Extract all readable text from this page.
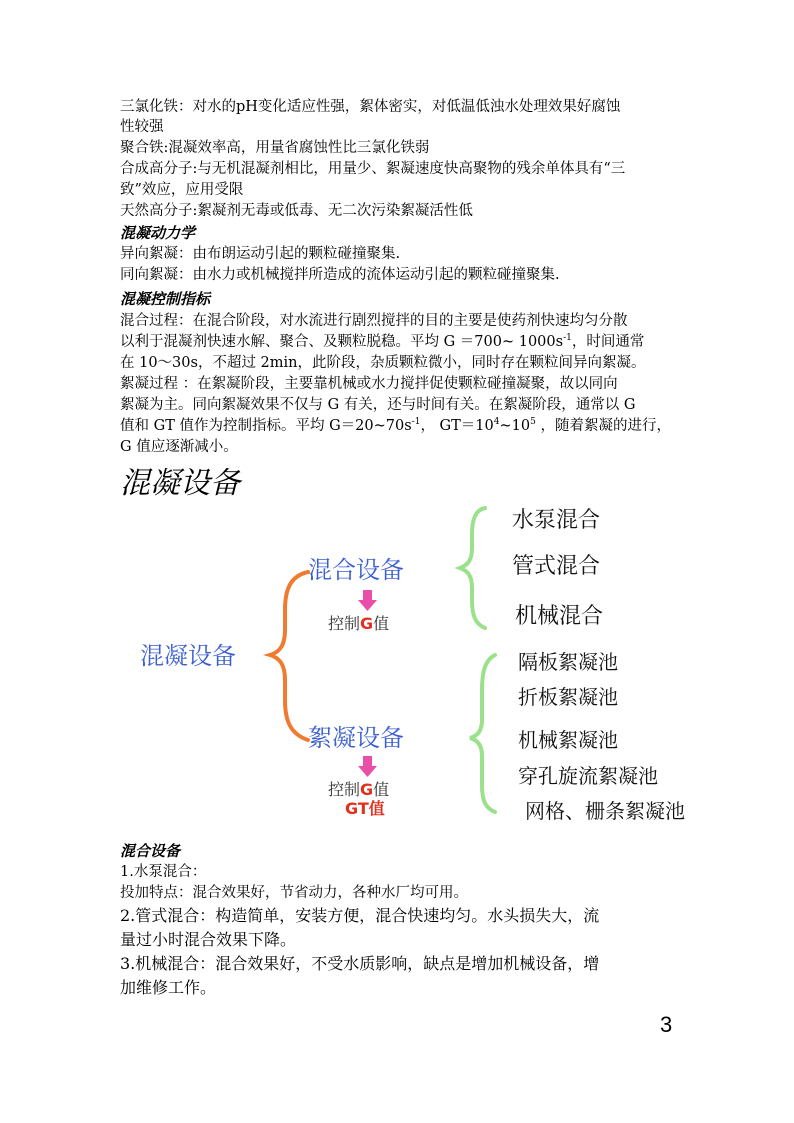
三氯化铁：对水的pH变化适应性强，絮体密实，对低温低浊水处理效果好腐蚀
性较强
聚合铁:混凝效率高，用量省腐蚀性比三氯化铁弱
合成高分子:与无机混凝剂相比，用量少、絮凝速度快高聚物的残余单体具有“三
致”效应，应用受限
天然高分子:絮凝剂无毒或低毒、无二次污染絮凝活性低
混凝动力学
异向絮凝：由布朗运动引起的颗粒碰撞聚集.
同向絮凝：由水力或机械搅拌所造成的流体运动引起的颗粒碰撞聚集.
混凝控制指标
混合过程：在混合阶段，对水流进行剧烈搅拌的目的主要是使药剂快速均匀分散
以利于混凝剂快速水解、聚合、及颗粒脱稳。平均 G ＝700~ $1000s^{-1}$，时间通常
在 10～30s，不超过 2min，此阶段，杂质颗粒微小，同时存在颗粒间异向絮凝。
絮凝过程 ：在絮凝阶段，主要靠机械或水力搅拌促使颗粒碰撞凝聚，故以同向
絮凝为主。同向絮凝效果不仅与 G 有关，还与时间有关。在絮凝阶段，通常以 G
值和 GT 值作为控制指标。平均 $G=20\sim 70s^{-1}$， $GT=10^4\sim 10^5$ ，随着絮凝的进行，
G 值应逐渐减小。
混凝设备
混凝设备
混合设备
控制G值
水泵混合
管式混合
机械混合
絮凝设备
控制G值
GT值
隔板絮凝池
折板絮凝池
机械絮凝池
穿孔旋流絮凝池
网格、栅条絮凝池
混合设备
1.水泵混合：
投加特点：混合效果好，节省动力，各种水厂均可用。
2.管式混合：构造简单，安装方便，混合快速均匀。水头损失大，流
量过小时混合效果下降。
3.机械混合：混合效果好，不受水质影响，缺点是增加机械设备，增
加维修工作。
3
